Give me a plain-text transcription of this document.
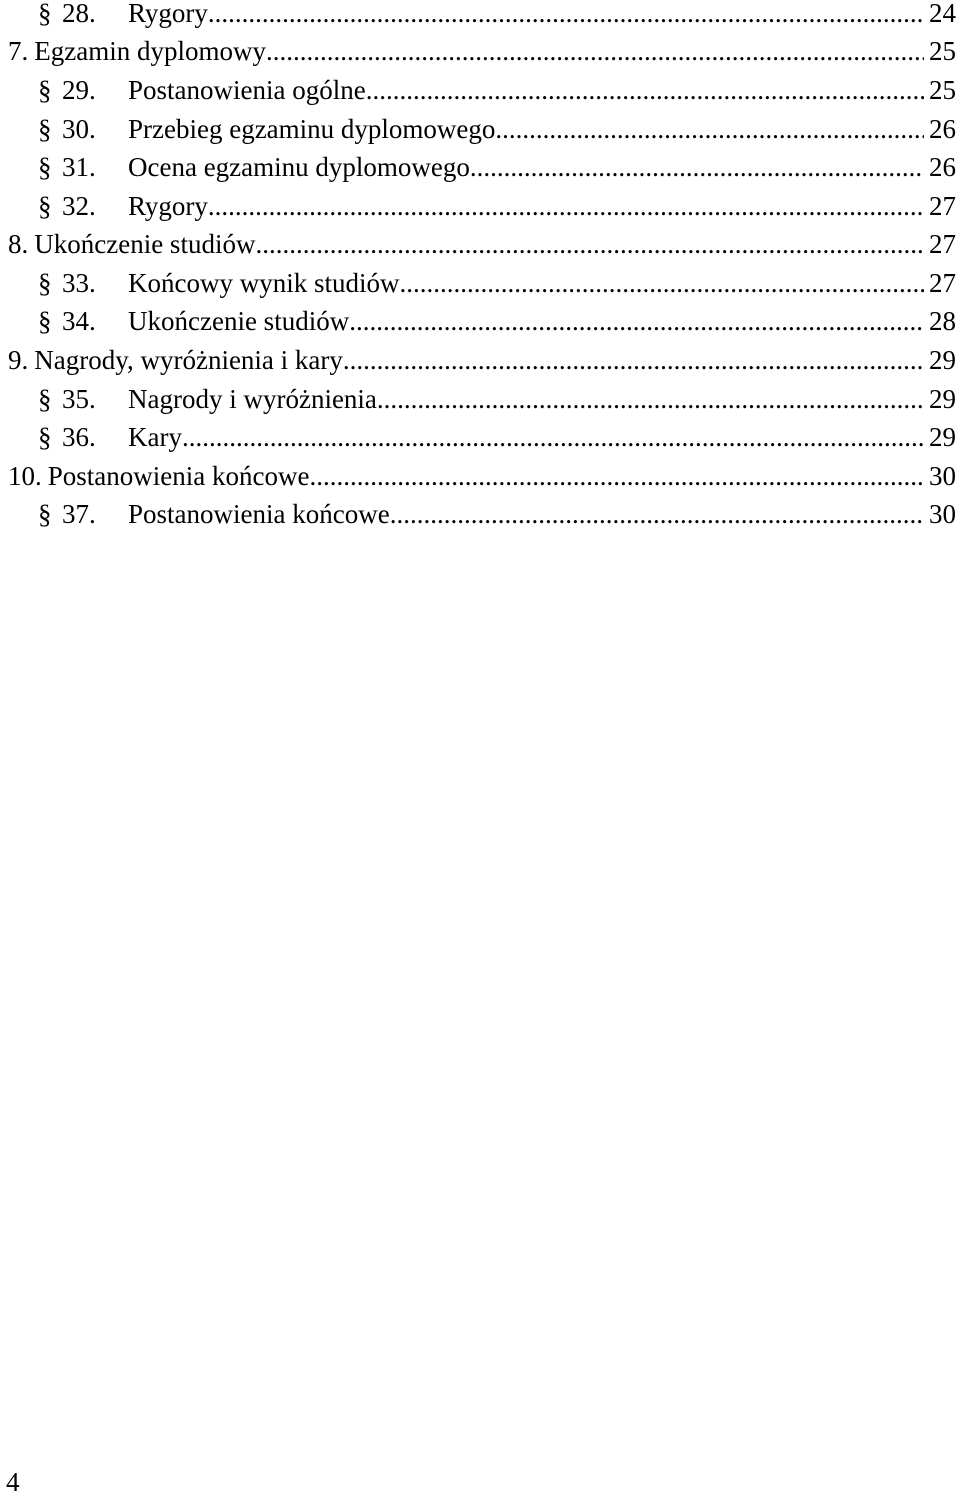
§ 28.	Rygory .....	24
7. Egzamin dyplomowy .....	25
§ 29.	Postanowienia ogólne .....	25
§ 30.	Przebieg egzaminu dyplomowego .....	26
§ 31.	Ocena egzaminu dyplomowego .....	26
§ 32.	Rygory .....	27
8. Ukończenie studiów .....	27
§ 33.	Końcowy wynik studiów .....	27
§ 34.	Ukończenie studiów .....	28
9. Nagrody, wyróżnienia i kary .....	29
§ 35.	Nagrody i wyróżnienia .....	29
§ 36.	Kary .....	29
10. Postanowienia końcowe .....	30
§ 37.	Postanowienia końcowe .....	30
4
